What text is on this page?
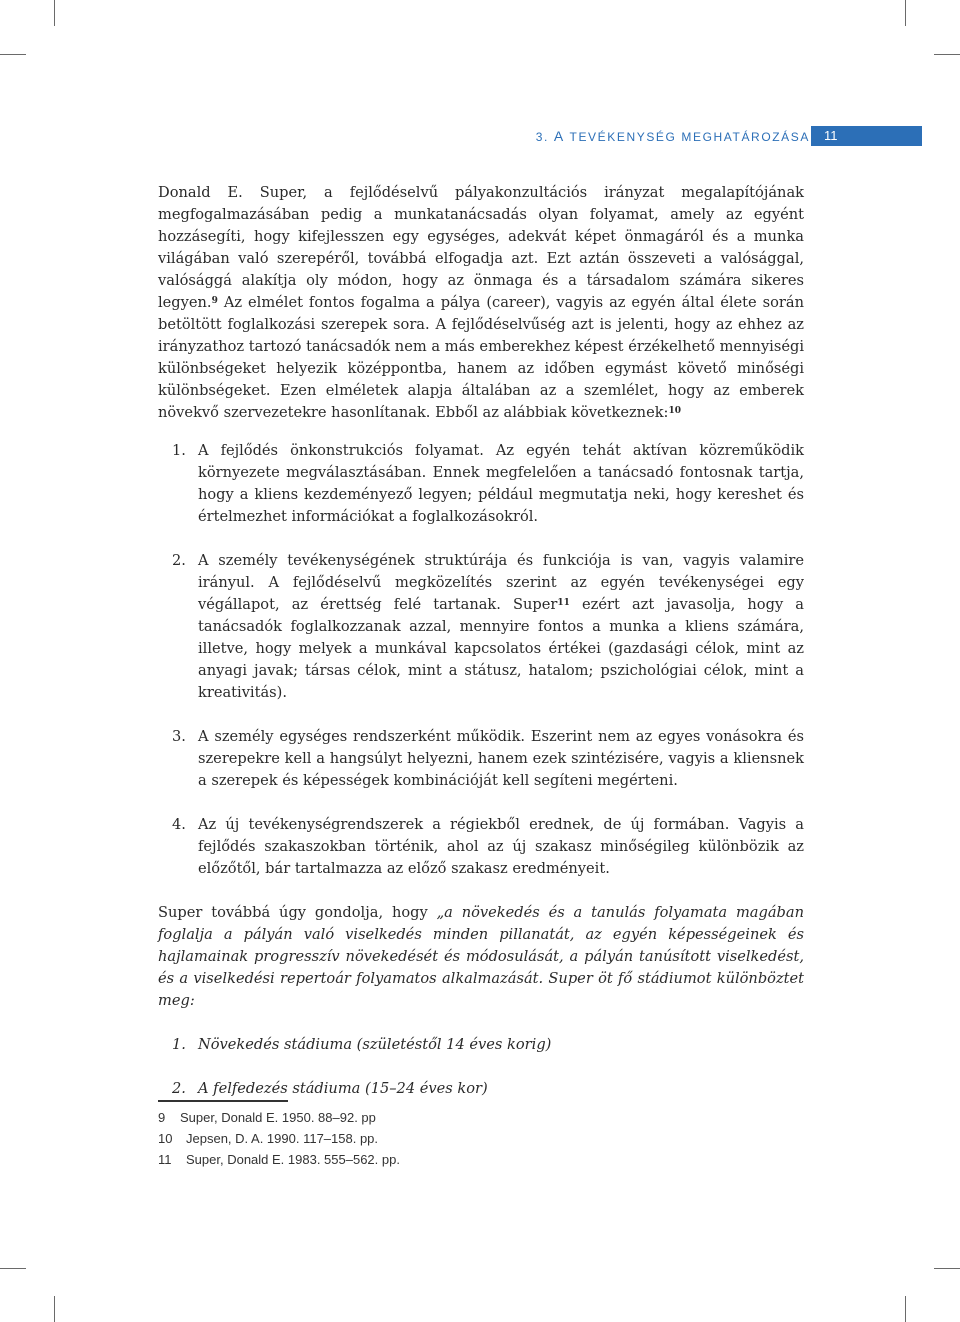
3. A TEVÉKENYSÉG MEGHATÁROZÁSA	11

Donald E. Super, a fejlődéselvű pályakonzultációs irányzat megalapítójának megfogalmazásában pedig a munkatanácsadás olyan folyamat, amely az egyént hozzásegíti, hogy kifejlesszen egy egységes, adekvát képet önmagáról és a munka világában való szerepéről, továbbá elfogadja azt. Ezt aztán összeveti a valósággal, valósággá alakítja oly módon, hogy az önmaga és a társadalom számára sikeres legyen.$^9$ Az elmélet fontos fogalma a pálya (career), vagyis az egyén által élete során betöltött foglalkozási szerepek sora. A fejlődéselvűség azt is jelenti, hogy az ehhez az irányzathoz tartozó tanácsadók nem a más emberekhez képest érzékelhető mennyiségi különbségeket helyezik középpontba, hanem az időben egymást követő minőségi különbségeket. Ezen elméletek alapja általában az a szemlélet, hogy az emberek növekvő szervezetekre hasonlítanak. Ebből az alábbiak következnek:$^{10}$

1. A fejlődés önkonstrukciós folyamat. Az egyén tehát aktívan közreműködik környezete megválasztásában. Ennek megfelelően a tanácsadó fontosnak tartja, hogy a kliens kezdeményező legyen; például megmutatja neki, hogy kereshet és értelmezhet információkat a foglalkozásokról.
2. A személy tevékenységének struktúrája és funkciója is van, vagyis valamire irányul. A fejlődéselvű megközelítés szerint az egyén tevékenységei egy végállapot, az érettség felé tartanak. Super$^{11}$ ezért azt javasolja, hogy a tanácsadók foglalkozzanak azzal, mennyire fontos a munka a kliens számára, illetve, hogy melyek a munkával kapcsolatos értékei (gazdasági célok, mint az anyagi javak; társas célok, mint a státusz, hatalom; pszichológiai célok, mint a kreativitás).
3. A személy egységes rendszerként működik. Eszerint nem az egyes vonásokra és szerepekre kell a hangsúlyt helyezni, hanem ezek szintézisére, vagyis a kliensnek a szerepek és képességek kombinációját kell segíteni megérteni.
4. Az új tevékenységrendszerek a régiekből erednek, de új formában. Vagyis a fejlődés szakaszokban történik, ahol az új szakasz minőségileg különbözik az előzőtől, bár tartalmazza az előző szakasz eredményeit.

Super továbbá úgy gondolja, hogy „a növekedés és a tanulás folyamata magában foglalja a pályán való viselkedés minden pillanatát, az egyén képességeinek és hajlamainak progresszív növekedését és módosulását, a pályán tanúsított viselkedést, és a viselkedési repertoár folyamatos alkalmazását. Super öt fő stádiumot különböztet meg:

1. Növekedés stádiuma (születéstől 14 éves korig)
2. A felfedezés stádiuma (15–24 éves kor)
9 Super, Donald E. 1950. 88–92. pp
10 Jepsen, D. A. 1990. 117–158. pp.
11 Super, Donald E. 1983. 555–562. pp.
